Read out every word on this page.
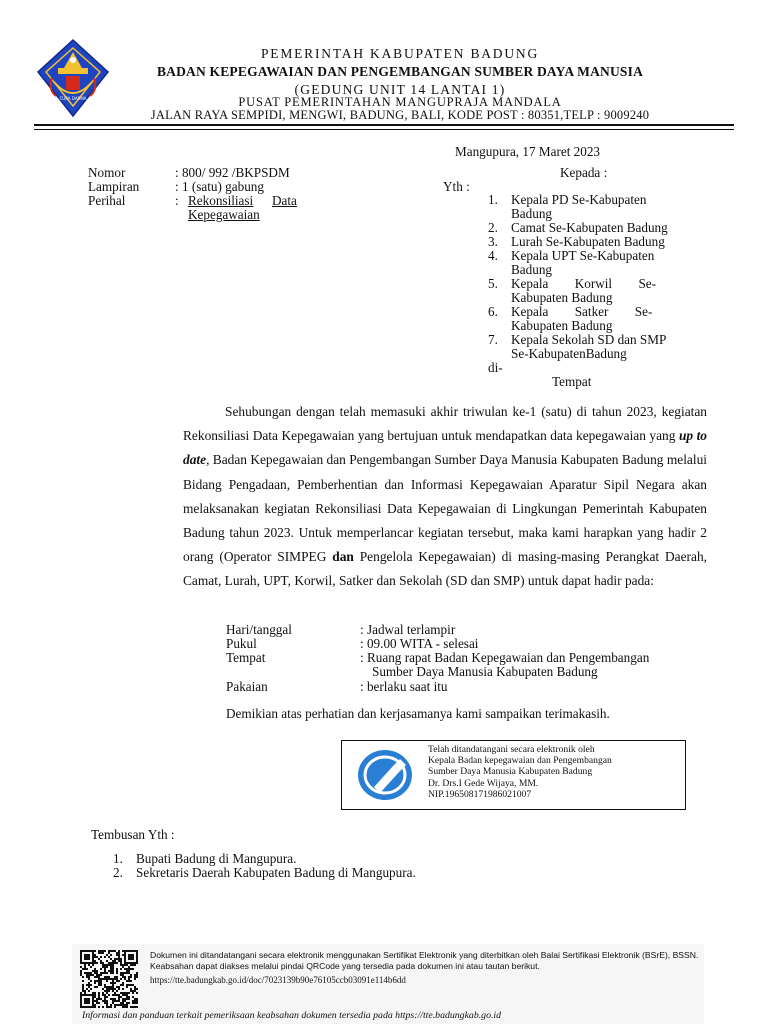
CURA DARMA
PEMERINTAH KABUPATEN BADUNG
BADAN KEPEGAWAIAN DAN PENGEMBANGAN SUMBER DAYA MANUSIA
(GEDUNG UNIT 14 LANTAI 1)
PUSAT PEMERINTAHAN MANGUPRAJA MANDALA
JALAN RAYA SEMPIDI, MENGWI, BADUNG, BALI, KODE POST : 80351,TELP : 9009240
Mangupura, 17 Maret 2023
Nomor	: 800/ 992 /BKPSDM
Lampiran	: 1 (satu) gabung
Perihal	: Rekonsiliasi Data
Kepegawaian
Kepada :
Yth :
1. Kepala PD Se-Kabupaten
Badung
2. Camat Se-Kabupaten Badung
3. Lurah Se-Kabupaten Badung
4. Kepala UPT Se-Kabupaten
Badung
5. Kepala        Korwil        Se-
Kabupaten Badung
6. Kepala        Satker        Se-
Kabupaten Badung
7. Kepala Sekolah SD dan SMP
Se-KabupatenBadung
di-
Tempat
Sehubungan dengan telah memasuki akhir triwulan ke-1 (satu) di tahun 2023, kegiatan Rekonsiliasi Data Kepegawaian yang bertujuan untuk mendapatkan data kepegawaian yang up to date, Badan Kepegawaian dan Pengembangan Sumber Daya Manusia Kabupaten Badung melalui Bidang Pengadaan, Pemberhentian dan Informasi Kepegawaian Aparatur Sipil Negara akan melaksanakan kegiatan Rekonsiliasi Data Kepegawaian di Lingkungan Pemerintah Kabupaten Badung tahun 2023. Untuk memperlancar kegiatan tersebut, maka kami harapkan yang hadir 2 orang (Operator SIMPEG dan Pengelola Kepegawaian) di masing-masing Perangkat Daerah, Camat, Lurah, UPT, Korwil, Satker dan Sekolah (SD dan SMP) untuk dapat hadir pada:
Hari/tanggal	: Jadwal terlampir
Pukul	: 09.00 WITA - selesai
Tempat	: Ruang rapat Badan Kepegawaian dan Pengembangan
Sumber Daya Manusia Kabupaten Badung
Pakaian	: berlaku saat itu
Demikian atas perhatian dan kerjasamanya kami sampaikan terimakasih.
Telah ditandatangani secara elektronik oleh
Kepala Badan kepegawaian dan Pengembangan
Sumber Daya Manusia Kabupaten Badung
Dr. Drs.I Gede Wijaya, MM.
NIP.196508171986021007
Tembusan Yth :
1. Bupati Badung di Mangupura.
2. Sekretaris Daerah Kabupaten Badung di Mangupura.
Dokumen ini ditandatangani secara elektronik menggunakan Sertifikat Elektronik yang diterbitkan oleh Balai Sertifikasi Elektronik (BSrE), BSSN. Keabsahan dapat diakses melalui pindai QRCode yang tersedia pada dokumen ini atau tautan berikut.
https://tte.badungkab.go.id/doc/7023139b90e76105ccb03091e114b6dd
Informasi dan panduan terkait pemeriksaan keabsahan dokumen tersedia pada https://tte.badungkab.go.id
